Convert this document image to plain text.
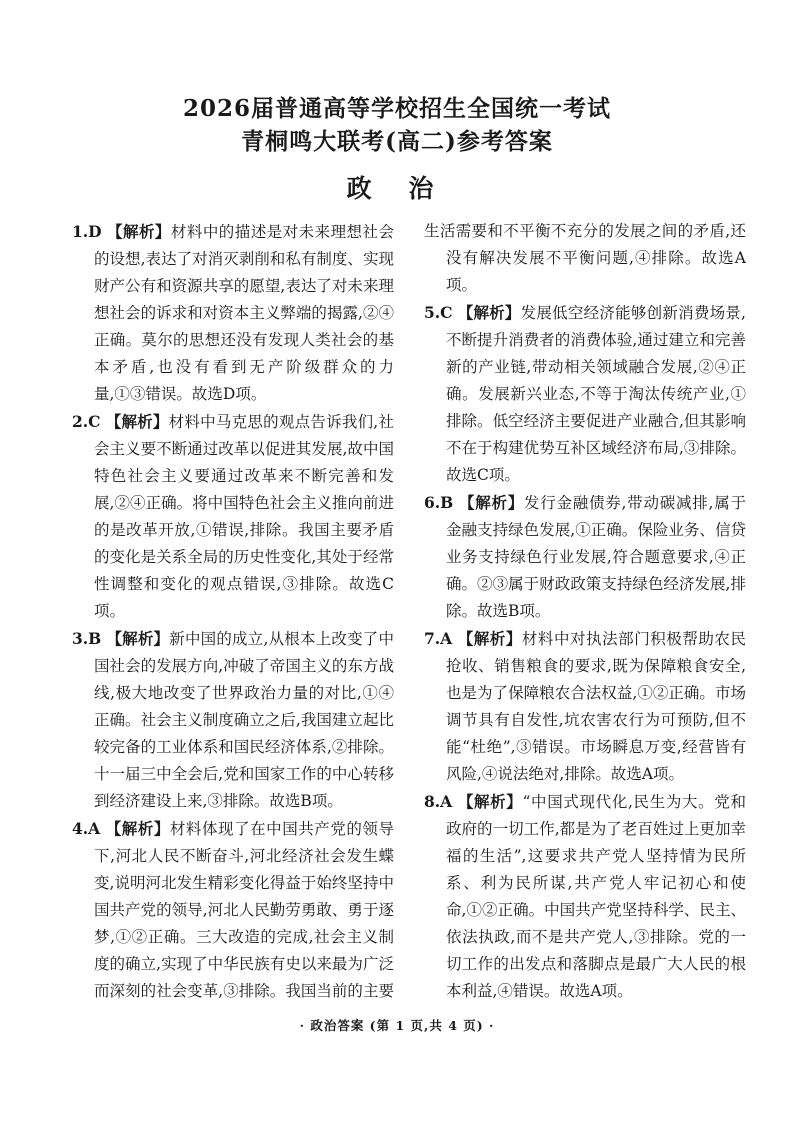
2026届普通高等学校招生全国统一考试
青桐鸣大联考(高二)参考答案
政 治

1.D 【解析】材料中的描述是对未来理想社会的设想,表达了对消灭剥削和私有制度、实现财产公有和资源共享的愿望,表达了对未来理想社会的诉求和对资本主义弊端的揭露,②④正确。莫尔的思想还没有发现人类社会的基本矛盾,也没有看到无产阶级群众的力量,①③错误。故选D项。

2.C 【解析】材料中马克思的观点告诉我们,社会主义要不断通过改革以促进其发展,故中国特色社会主义要通过改革来不断完善和发展,②④正确。将中国特色社会主义推向前进的是改革开放,①错误,排除。我国主要矛盾的变化是关系全局的历史性变化,其处于经常性调整和变化的观点错误,③排除。故选C项。

3.B 【解析】新中国的成立,从根本上改变了中国社会的发展方向,冲破了帝国主义的东方战线,极大地改变了世界政治力量的对比,①④正确。社会主义制度确立之后,我国建立起比较完备的工业体系和国民经济体系,②排除。十一届三中全会后,党和国家工作的中心转移到经济建设上来,③排除。故选B项。

4.A 【解析】材料体现了在中国共产党的领导下,河北人民不断奋斗,河北经济社会发生蝶变,说明河北发生精彩变化得益于始终坚持中国共产党的领导,河北人民勤劳勇敢、勇于逐梦,①②正确。三大改造的完成,社会主义制度的确立,实现了中华民族有史以来最为广泛而深刻的社会变革,③排除。我国当前的主要

生活需要和不平衡不充分的发展之间的矛盾,还没有解决发展不平衡问题,④排除。故选A项。

5.C 【解析】发展低空经济能够创新消费场景,不断提升消费者的消费体验,通过建立和完善新的产业链,带动相关领域融合发展,②④正确。发展新兴业态,不等于淘汰传统产业,①排除。低空经济主要促进产业融合,但其影响不在于构建优势互补区域经济布局,③排除。故选C项。

6.B 【解析】发行金融债券,带动碳减排,属于金融支持绿色发展,①正确。保险业务、信贷业务支持绿色行业发展,符合题意要求,④正确。②③属于财政政策支持绿色经济发展,排除。故选B项。

7.A 【解析】材料中对执法部门积极帮助农民抢收、销售粮食的要求,既为保障粮食安全,也是为了保障粮农合法权益,①②正确。市场调节具有自发性,坑农害农行为可预防,但不能“杜绝”,③错误。市场瞬息万变,经营皆有风险,④说法绝对,排除。故选A项。

8.A 【解析】“中国式现代化,民生为大。党和政府的一切工作,都是为了老百姓过上更加幸福的生活”,这要求共产党人坚持情为民所系、利为民所谋,共产党人牢记初心和使命,①②正确。中国共产党坚持科学、民主、依法执政,而不是共产党人,③排除。党的一切工作的出发点和落脚点是最广大人民的根本利益,④错误。故选A项。

· 政治答案 (第 1 页,共 4 页) ·
